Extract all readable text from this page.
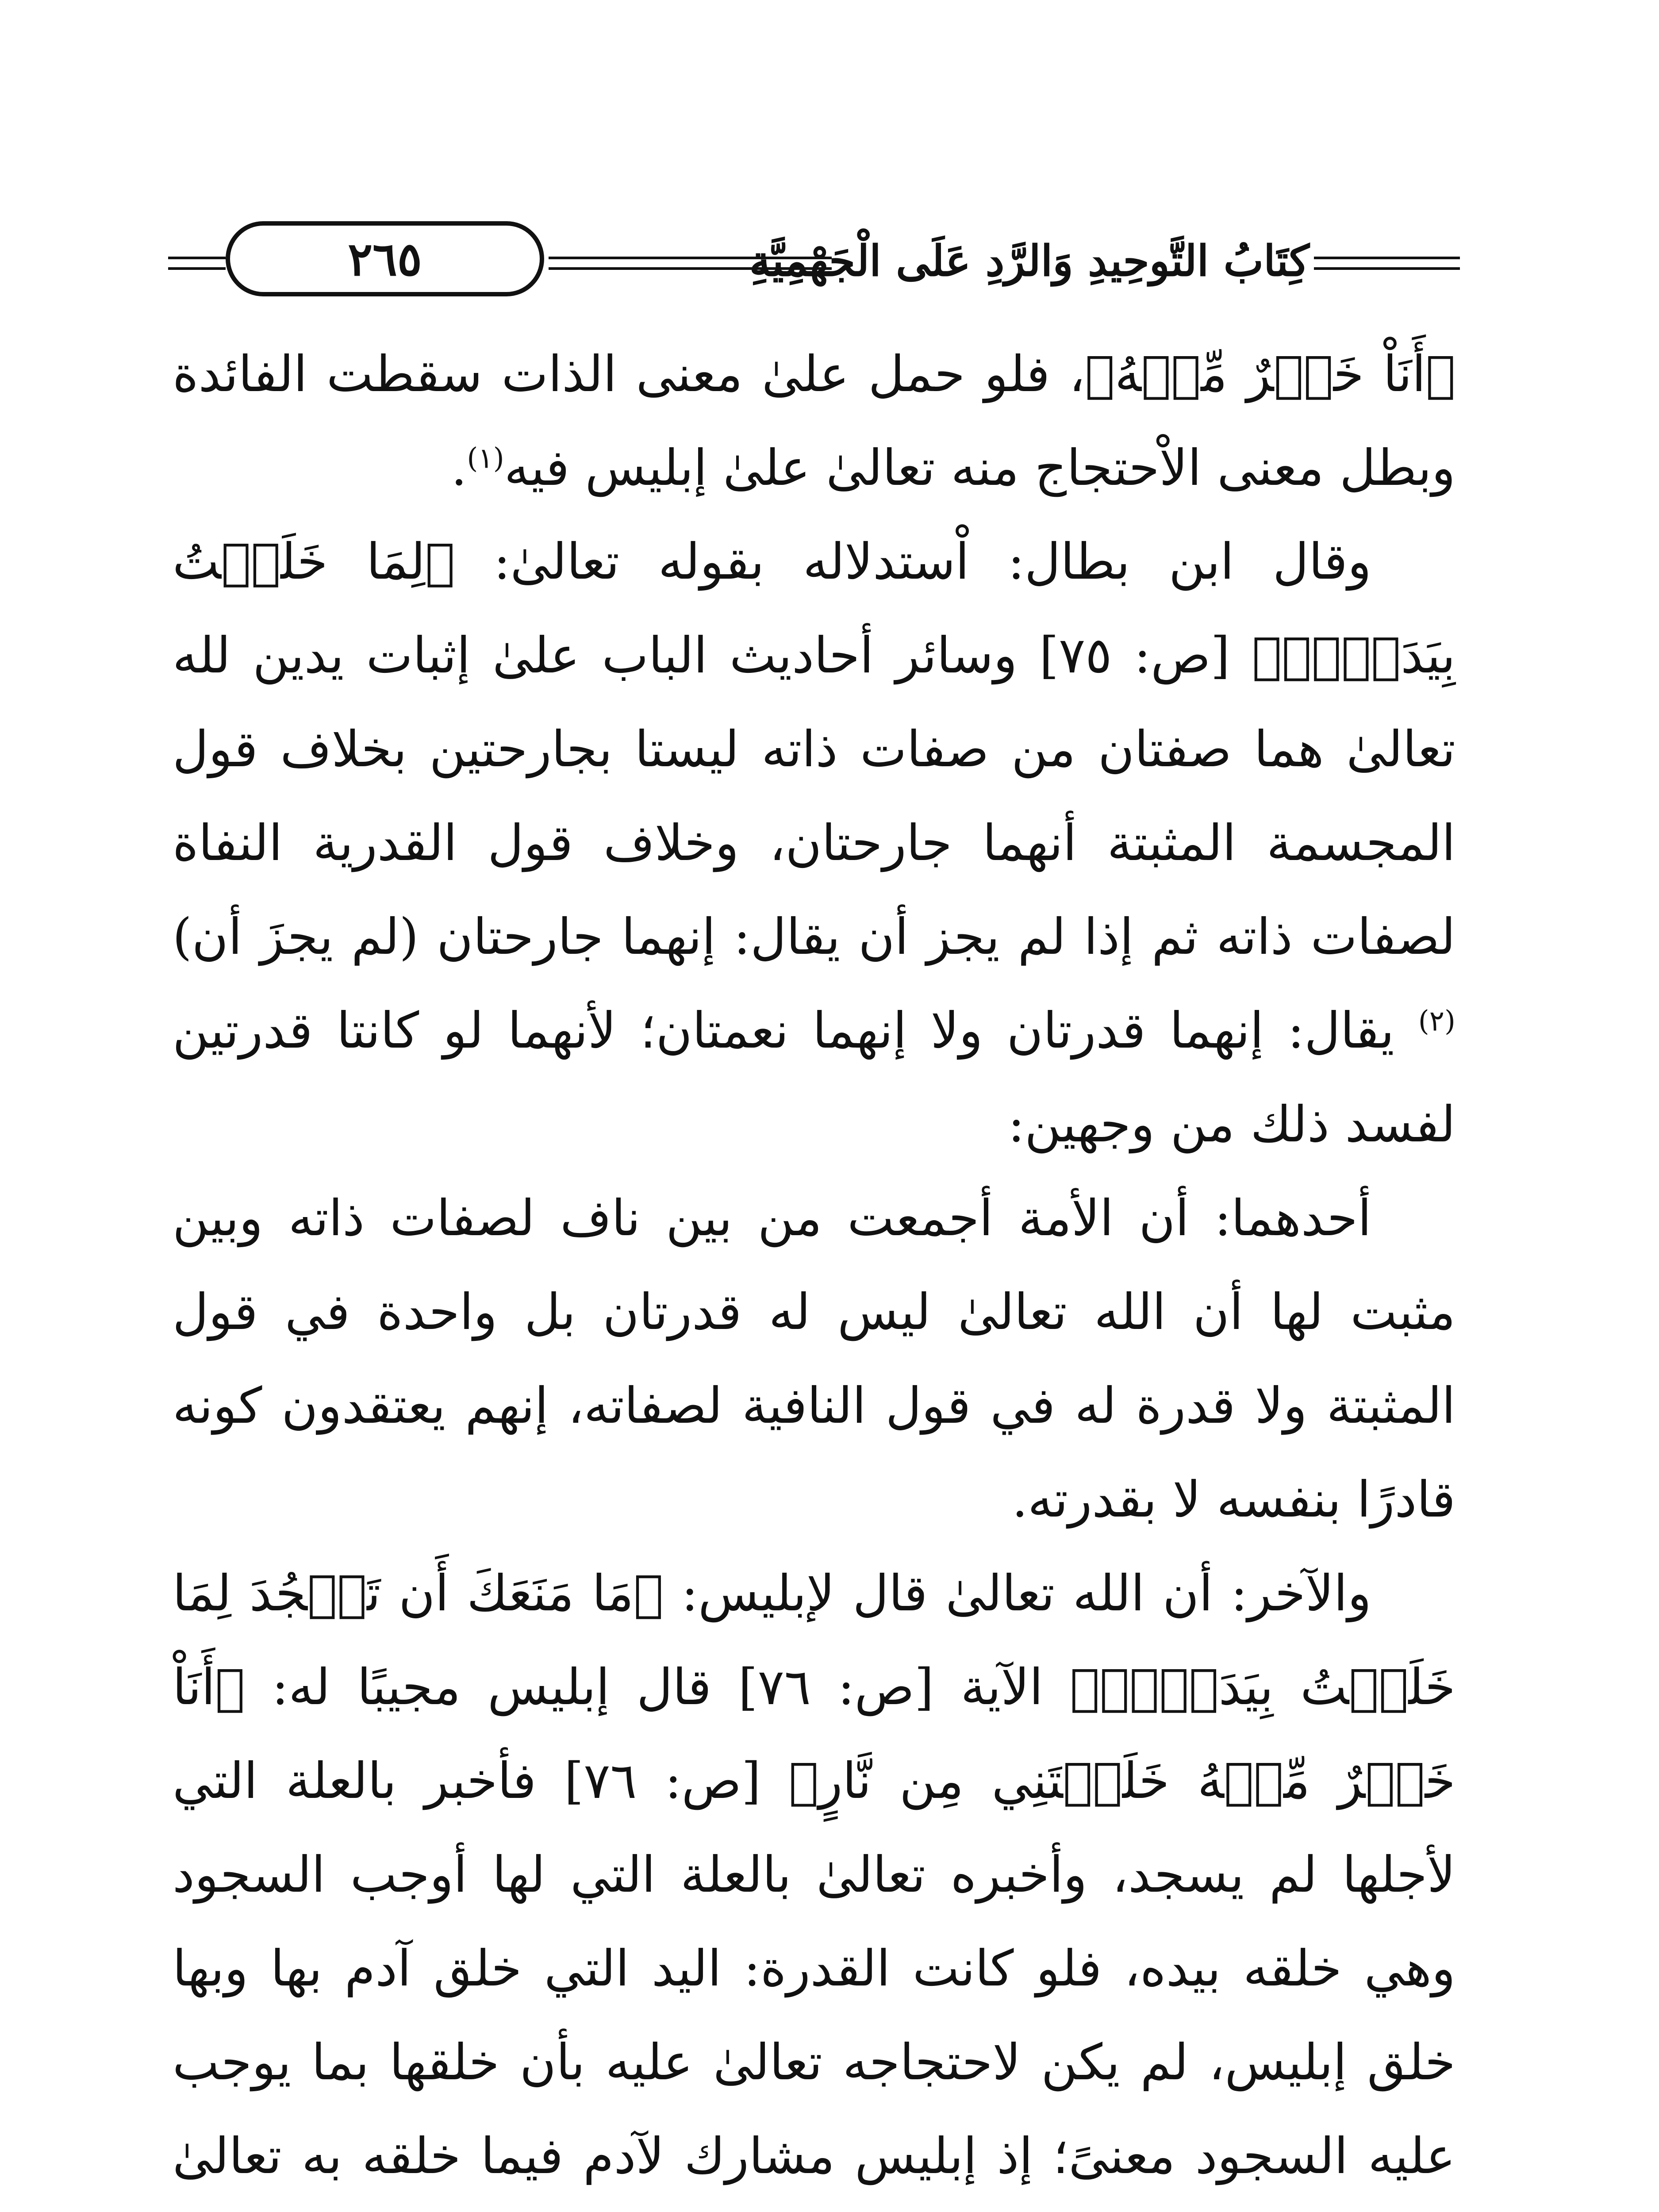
٢٦٥	كِتَابُ التَّوحِيدِ وَالرَّدِ عَلَى الْجَهْمِيَّةِ

﴿أَنَاْ خَيۡرٌ مِّنۡهُ﴾، فلو حمل علىٰ معنى الذات سقطت الفائدة وبطل معنى الاْحتجاج منه تعالىٰ علىٰ إبليس فيه$^{(١)}$.

وقال ابن بطال: اْستدلاله بقوله تعالىٰ: ﴿لِمَا خَلَقۡتُ بِيَدَيَّۖ﴾ [ص: ٧٥] وسائر أحاديث الباب علىٰ إثبات يدين لله تعالىٰ هما صفتان من صفات ذاته ليستا بجارحتين بخلاف قول المجسمة المثبتة أنهما جارحتان، وخلاف قول القدرية النفاة لصفات ذاته ثم إذا لم يجز أن يقال: إنهما جارحتان (لم يجزَ أن)$^{(٢)}$ يقال: إنهما قدرتان ولا إنهما نعمتان؛ لأنهما لو كانتا قدرتين لفسد ذلك من وجهين:

أحدهما: أن الأمة أجمعت من بين ناف لصفات ذاته وبين مثبت لها أن الله تعالىٰ ليس له قدرتان بل واحدة في قول المثبتة ولا قدرة له في قول النافية لصفاته، إنهم يعتقدون كونه قادرًا بنفسه لا بقدرته.

والآخر: أن الله تعالىٰ قال لإبليس: ﴿مَا مَنَعَكَ أَن تَسۡجُدَ لِمَا خَلَقۡتُ بِيَدَيَّۖ﴾ الآية [ص: ٧٦] قال إبليس مجيبًا له: ﴿أَنَاْ خَيۡرٌ مِّنۡهُ خَلَقۡتَنِي مِن نَّارٍ﴾ [ص: ٧٦] فأخبر بالعلة التي لأجلها لم يسجد، وأخبره تعالىٰ بالعلة التي لها أوجب السجود وهي خلقه بيده، فلو كانت القدرة: اليد التي خلق آدم بها وبها خلق إبليس، لم يكن لاحتجاجه تعالىٰ عليه بأن خلقها بما يوجب عليه السجود معنىً؛ إذ إبليس مشارك لآدم فيما خلقه به تعالىٰ
